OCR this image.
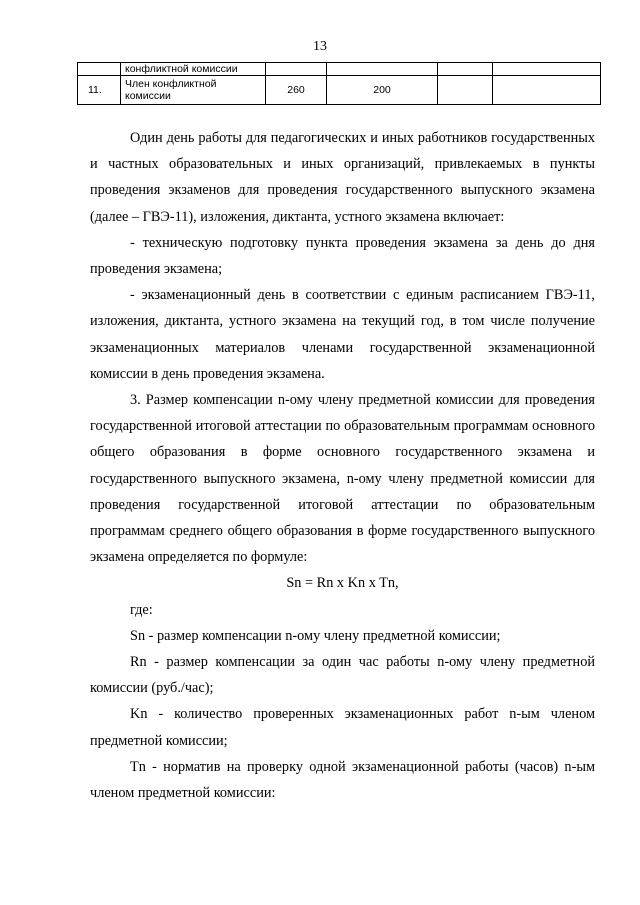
13
	конфликтной комиссии				
11.	Член конфликтной комиссии	260	200		

Один день работы для педагогических и иных работников государственных и частных образовательных и иных организаций, привлекаемых в пункты проведения экзаменов для проведения государственного выпускного экзамена (далее – ГВЭ-11), изложения, диктанта, устного экзамена включает:

- техническую подготовку пункта проведения экзамена за день до дня проведения экзамена;

- экзаменационный день в соответствии с единым расписанием ГВЭ-11, изложения, диктанта, устного экзамена на текущий год, в том числе получение экзаменационных материалов членами государственной экзаменационной комиссии в день проведения экзамена.

3. Размер компенсации n-ому члену предметной комиссии для проведения государственной итоговой аттестации по образовательным программам основного общего образования в форме основного государственного экзамена и государственного выпускного экзамена, n-ому члену предметной комиссии для проведения государственной итоговой аттестации по образовательным программам среднего общего образования в форме государственного выпускного экзамена определяется по формуле:

Sn = Rn x Kn x Tn,

где:

Sn - размер компенсации n-ому члену предметной комиссии;

Rn - размер компенсации за один час работы n-ому члену предметной комиссии (руб./час);

Kn - количество проверенных экзаменационных работ n-ым членом предметной комиссии;

Tn - норматив на проверку одной экзаменационной работы (часов) n-ым членом предметной комиссии:
